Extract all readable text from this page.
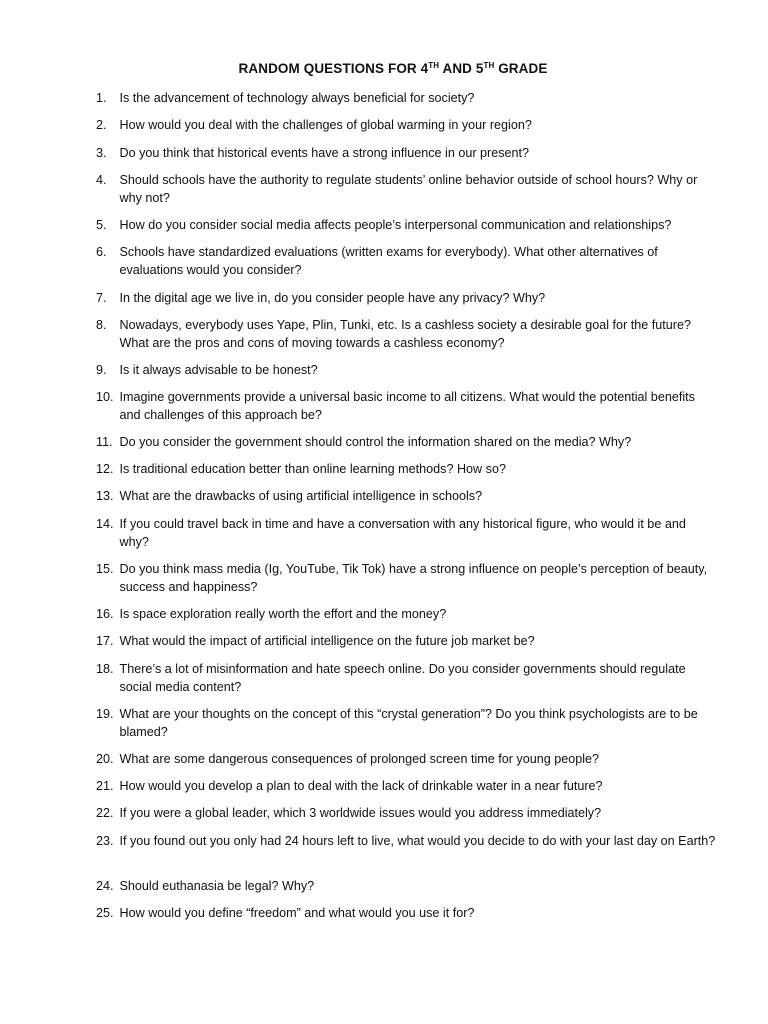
RANDOM QUESTIONS FOR 4TH AND 5TH GRADE
1.	Is the advancement of technology always beneficial for society?
2.	How would you deal with the challenges of global warming in your region?
3.	Do you think that historical events have a strong influence in our present?
4.	Should schools have the authority to regulate students’ online behavior outside of school hours? Why or why not?
5.	How do you consider social media affects people’s interpersonal communication and relationships?
6.	Schools have standardized evaluations (written exams for everybody). What other alternatives of evaluations would you consider?
7.	In the digital age we live in, do you consider people have any privacy? Why?
8.	Nowadays, everybody uses Yape, Plin, Tunki, etc. Is a cashless society a desirable goal for the future? What are the pros and cons of moving towards a cashless economy?
9.	Is it always advisable to be honest?
10. Imagine governments provide a universal basic income to all citizens. What would the potential benefits and challenges of this approach be?
11. Do you consider the government should control the information shared on the media? Why?
12. Is traditional education better than online learning methods? How so?
13. What are the drawbacks of using artificial intelligence in schools?
14. If you could travel back in time and have a conversation with any historical figure, who would it be and why?
15. Do you think mass media (Ig, YouTube, Tik Tok) have a strong influence on people’s perception of beauty, success and happiness?
16. Is space exploration really worth the effort and the money?
17. What would the impact of artificial intelligence on the future job market be?
18. There’s a lot of misinformation and hate speech online. Do you consider governments should regulate social media content?
19. What are your thoughts on the concept of this “crystal generation”? Do you think psychologists are to be blamed?
20. What are some dangerous consequences of prolonged screen time for young people?
21. How would you develop a plan to deal with the lack of drinkable water in a near future?
22. If you were a global leader, which 3 worldwide issues would you address immediately?
23. If you found out you only had 24 hours left to live, what would you decide to do with your last day on Earth?
24. Should euthanasia be legal? Why?
25. How would you define “freedom” and what would you use it for?
